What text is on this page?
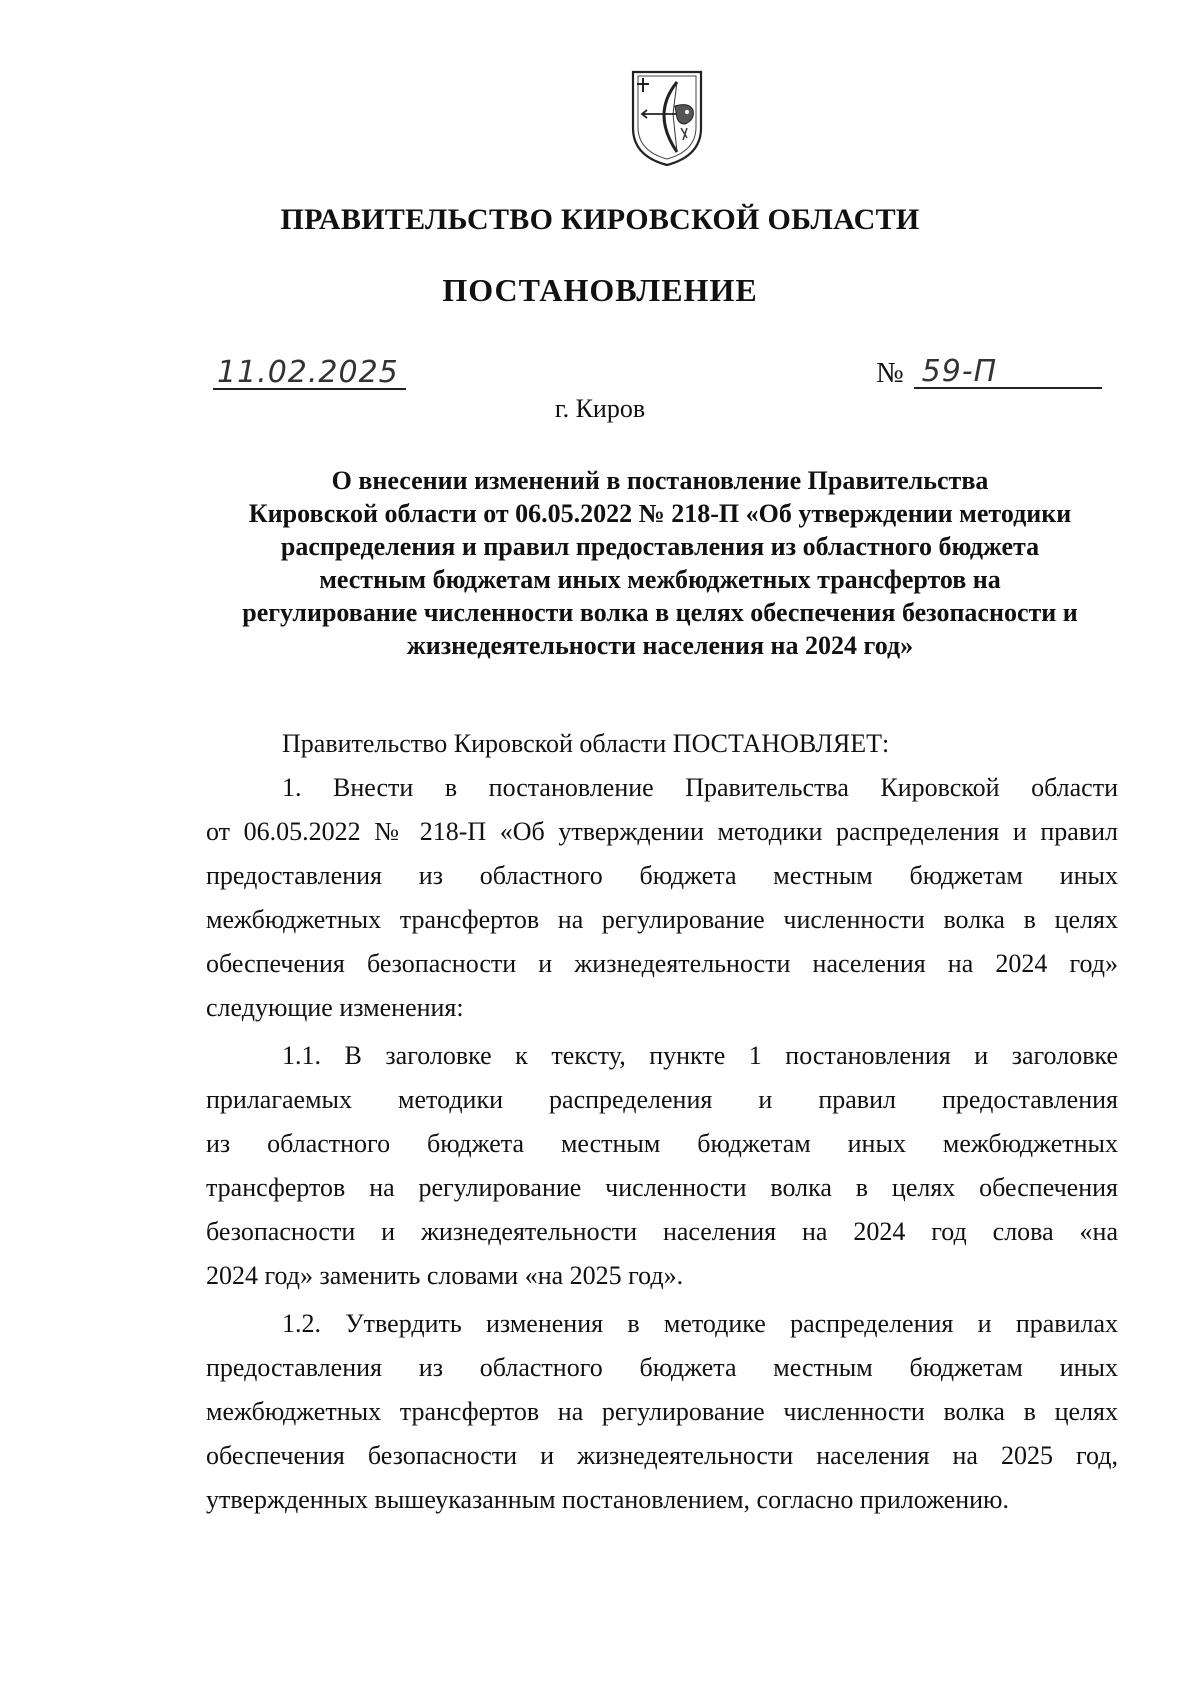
ПРАВИТЕЛЬСТВО КИРОВСКОЙ ОБЛАСТИ
ПОСТАНОВЛЕНИЕ
11.02.2025	№ 59-П
г. Киров
О внесении изменений в постановление Правительства
Кировской области от 06.05.2022 № 218-П «Об утверждении методики
распределения и правил предоставления из областного бюджета
местным бюджетам иных межбюджетных трансфертов на
регулирование численности волка в целях обеспечения безопасности и
жизнедеятельности населения на 2024 год»
Правительство Кировской области ПОСТАНОВЛЯЕТ:
1. Внести в постановление Правительства Кировской области
от 06.05.2022 № 218-П «Об утверждении методики распределения и правил
предоставления из областного бюджета местным бюджетам иных
межбюджетных трансфертов на регулирование численности волка в целях
обеспечения безопасности и жизнедеятельности населения на 2024 год»
следующие изменения:
1.1. В заголовке к тексту, пункте 1 постановления и заголовке
прилагаемых методики распределения и правил предоставления
из областного бюджета местным бюджетам иных межбюджетных
трансфертов на регулирование численности волка в целях обеспечения
безопасности и жизнедеятельности населения на 2024 год слова «на
2024 год» заменить словами «на 2025 год».
1.2. Утвердить изменения в методике распределения и правилах
предоставления из областного бюджета местным бюджетам иных
межбюджетных трансфертов на регулирование численности волка в целях
обеспечения безопасности и жизнедеятельности населения на 2025 год,
утвержденных вышеуказанным постановлением, согласно приложению.
